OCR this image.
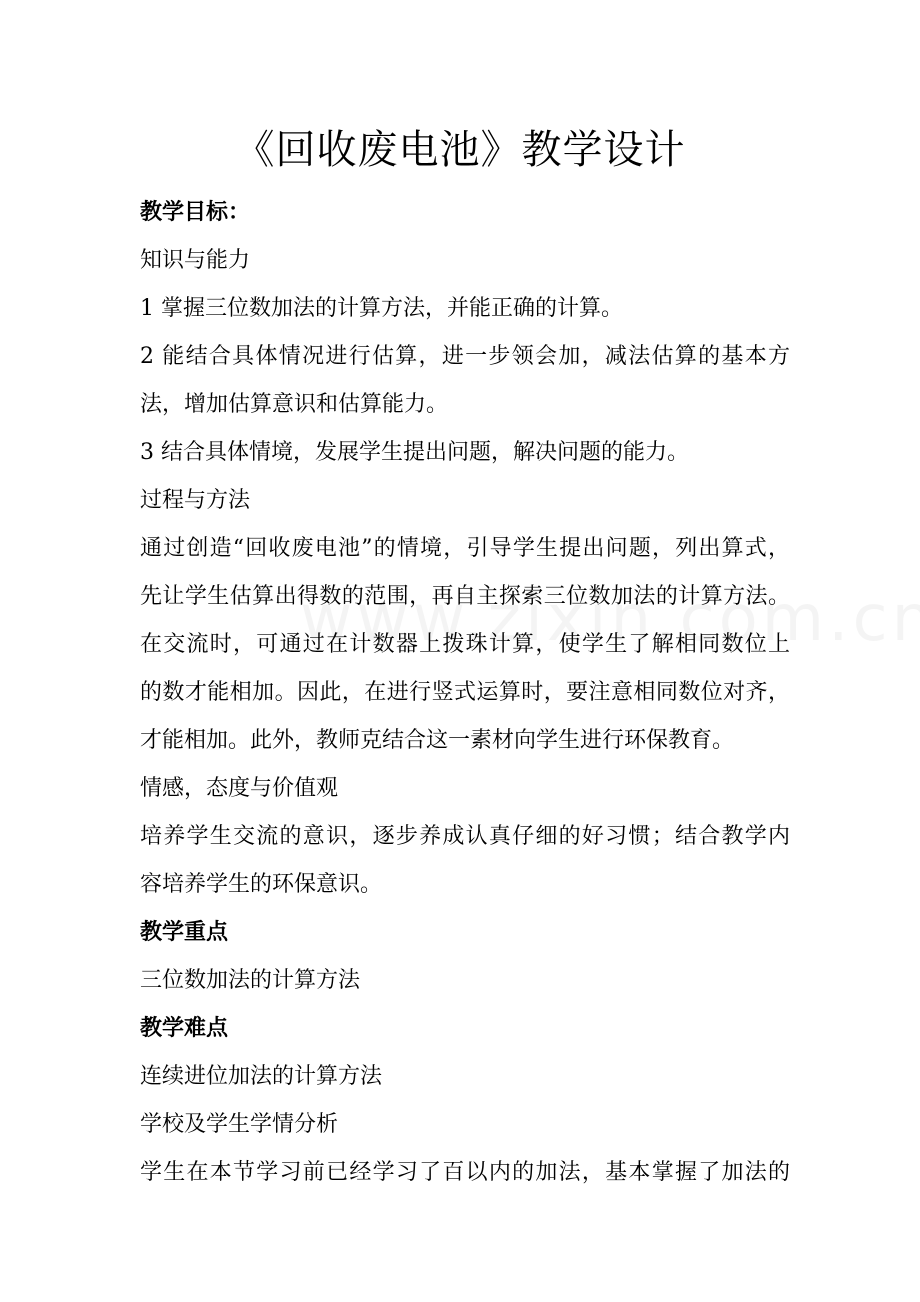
《回收废电池》教学设计

教学目标：

知识与能力

1 掌握三位数加法的计算方法，并能正确的计算。

2 能结合具体情况进行估算，进一步领会加，减法估算的基本方

法，增加估算意识和估算能力。

3 结合具体情境，发展学生提出问题，解决问题的能力。

过程与方法

通过创造“回收废电池”的情境，引导学生提出问题，列出算式，

先让学生估算出得数的范围，再自主探索三位数加法的计算方法。

在交流时，可通过在计数器上拨珠计算，使学生了解相同数位上

的数才能相加。因此，在进行竖式运算时，要注意相同数位对齐，

才能相加。此外，教师克结合这一素材向学生进行环保教育。

情感，态度与价值观

培养学生交流的意识，逐步养成认真仔细的好习惯；结合教学内

容培养学生的环保意识。

教学重点

三位数加法的计算方法

教学难点

连续进位加法的计算方法

学校及学生学情分析

学生在本节学习前已经学习了百以内的加法，基本掌握了加法的
